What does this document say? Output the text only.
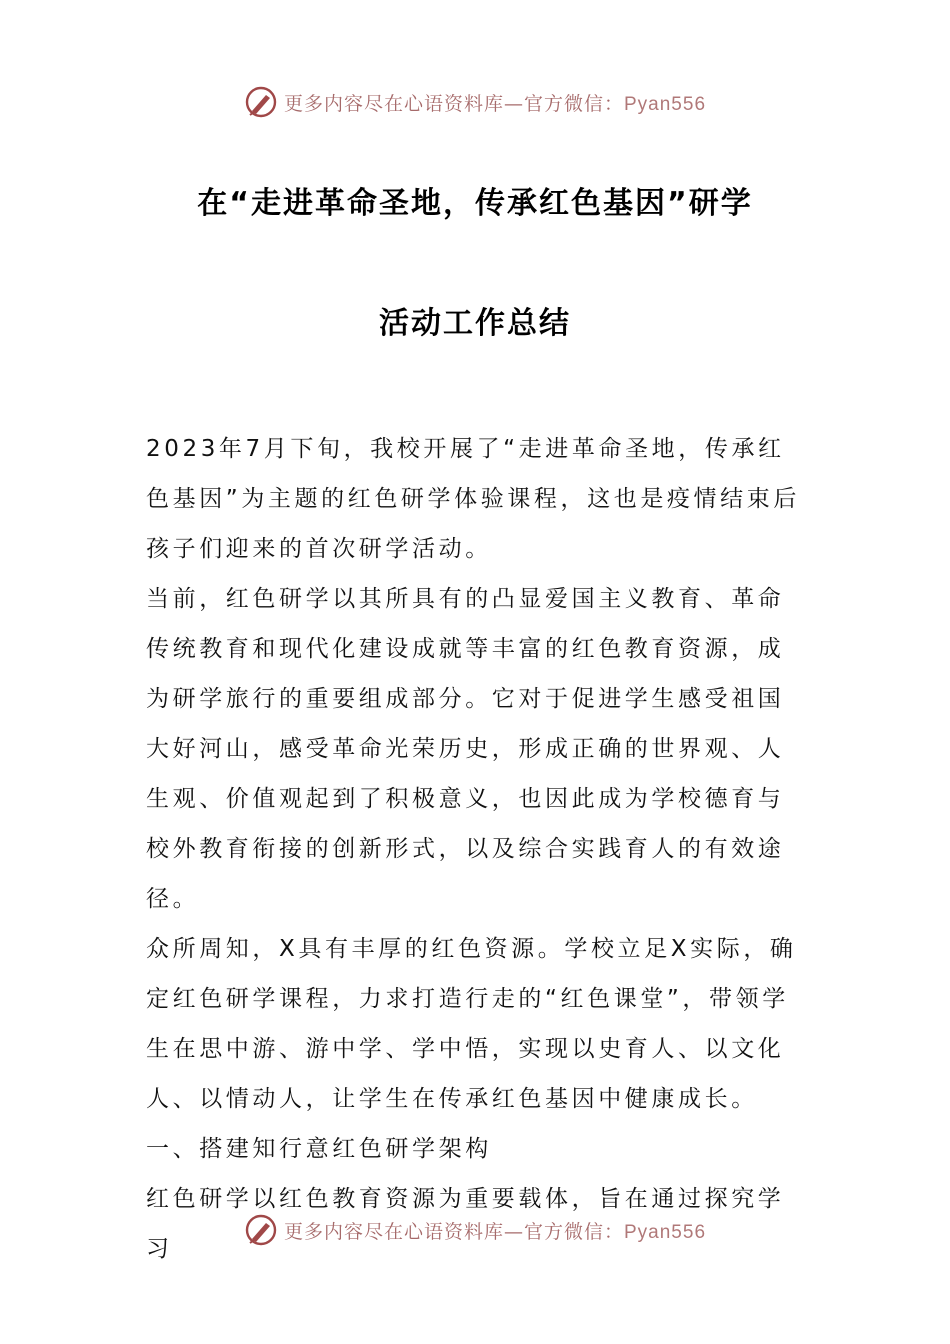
更多内容尽在心语资料库—官方微信：Pyan556
在“走进革命圣地，传承红色基因”研学
活动工作总结

2023年7月下旬，我校开展了“走进革命圣地，传承红色基因”为主题的红色研学体验课程，这也是疫情结束后孩子们迎来的首次研学活动。

当前，红色研学以其所具有的凸显爱国主义教育、革命传统教育和现代化建设成就等丰富的红色教育资源，成为研学旅行的重要组成部分。它对于促进学生感受祖国大好河山，感受革命光荣历史，形成正确的世界观、人生观、价值观起到了积极意义，也因此成为学校德育与校外教育衔接的创新形式，以及综合实践育人的有效途径。

众所周知，X具有丰厚的红色资源。学校立足X实际，确定红色研学课程，力求打造行走的“红色课堂”，带领学生在思中游、游中学、学中悟，实现以史育人、以文化人、以情动人，让学生在传承红色基因中健康成长。

一、搭建知行意红色研学架构

红色研学以红色教育资源为重要载体，旨在通过探究学习

更多内容尽在心语资料库—官方微信：Pyan556
